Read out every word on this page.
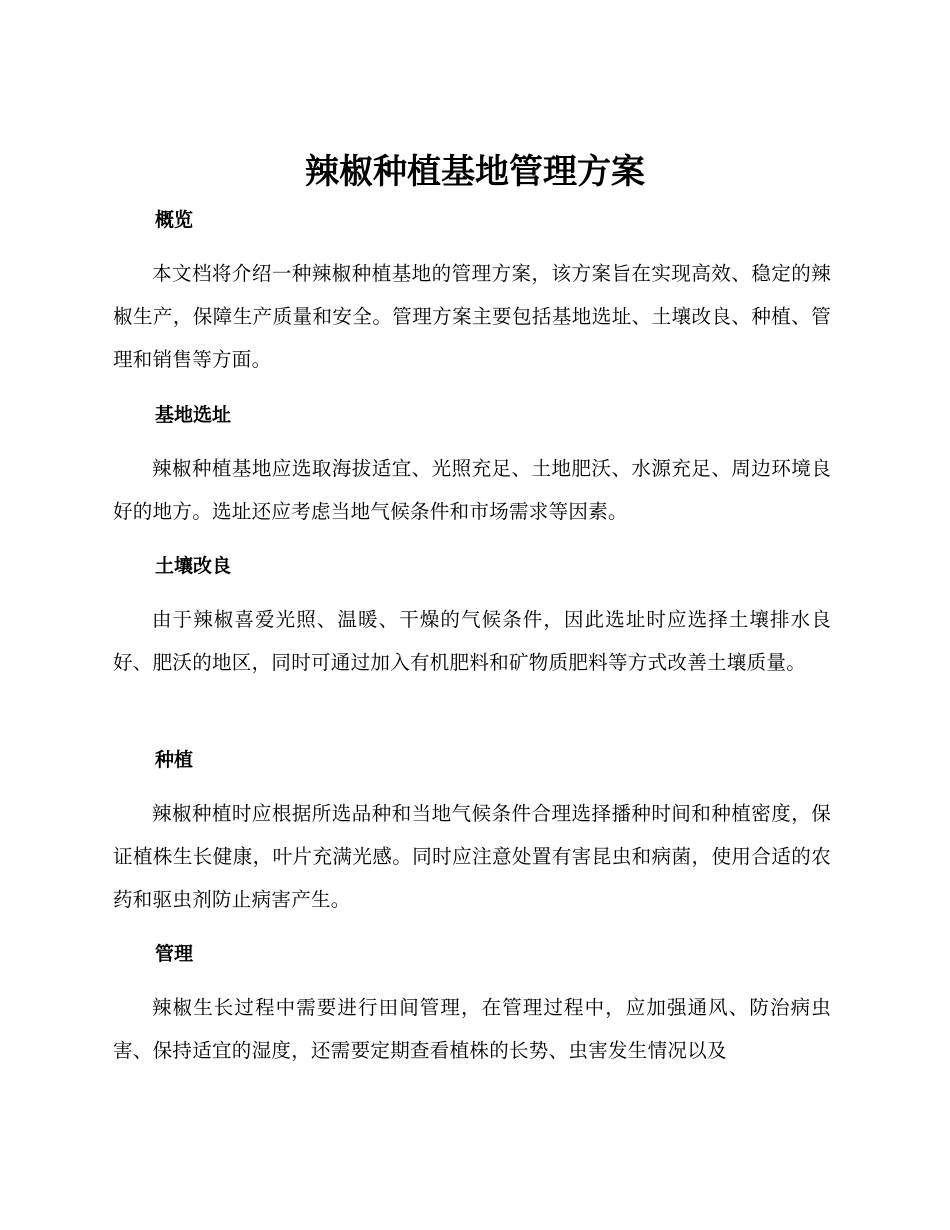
辣椒种植基地管理方案
概览

本文档将介绍一种辣椒种植基地的管理方案，该方案旨在实现高效、稳定的辣椒生产，保障生产质量和安全。管理方案主要包括基地选址、土壤改良、种植、管理和销售等方面。

基地选址

辣椒种植基地应选取海拔适宜、光照充足、土地肥沃、水源充足、周边环境良好的地方。选址还应考虑当地气候条件和市场需求等因素。

土壤改良

由于辣椒喜爱光照、温暖、干燥的气候条件，因此选址时应选择土壤排水良好、肥沃的地区，同时可通过加入有机肥料和矿物质肥料等方式改善土壤质量。

种植

辣椒种植时应根据所选品种和当地气候条件合理选择播种时间和种植密度，保证植株生长健康，叶片充满光感。同时应注意处置有害昆虫和病菌，使用合适的农药和驱虫剂防止病害产生。

管理

辣椒生长过程中需要进行田间管理，在管理过程中，应加强通风、防治病虫害、保持适宜的湿度，还需要定期查看植株的长势、虫害发生情况以及
